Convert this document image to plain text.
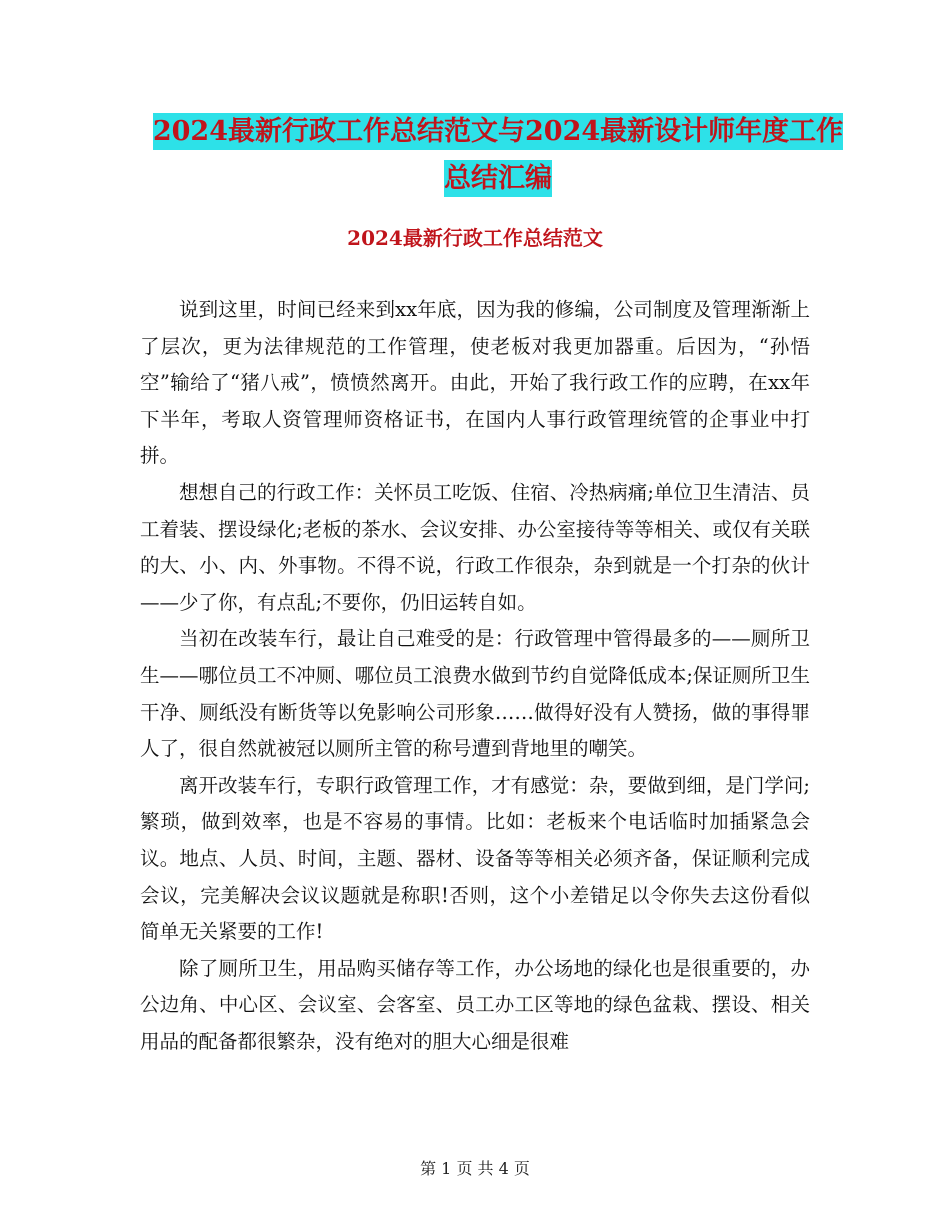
2024最新行政工作总结范文与2024最新设计师年度工作总结汇编
2024最新行政工作总结范文

说到这里，时间已经来到xx年底，因为我的修编，公司制度及管理渐渐上了层次，更为法律规范的工作管理，使老板对我更加器重。后因为，“孙悟空”输给了“猪八戒”，愤愤然离开。由此，开始了我行政工作的应聘，在xx年下半年，考取人资管理师资格证书，在国内人事行政管理统管的企事业中打拼。

想想自己的行政工作：关怀员工吃饭、住宿、冷热病痛;单位卫生清洁、员工着装、摆设绿化;老板的茶水、会议安排、办公室接待等等相关、或仅有关联的大、小、内、外事物。不得不说，行政工作很杂，杂到就是一个打杂的伙计——少了你，有点乱;不要你，仍旧运转自如。

当初在改装车行，最让自己难受的是：行政管理中管得最多的——厕所卫生——哪位员工不冲厕、哪位员工浪费水做到节约自觉降低成本;保证厕所卫生干净、厕纸没有断货等以免影响公司形象……做得好没有人赞扬，做的事得罪人了，很自然就被冠以厕所主管的称号遭到背地里的嘲笑。

离开改装车行，专职行政管理工作，才有感觉：杂，要做到细，是门学问;繁琐，做到效率，也是不容易的事情。比如：老板来个电话临时加插紧急会议。地点、人员、时间，主题、器材、设备等等相关必须齐备，保证顺利完成会议，完美解决会议议题就是称职!否则，这个小差错足以令你失去这份看似简单无关紧要的工作!

除了厕所卫生，用品购买储存等工作，办公场地的绿化也是很重要的，办公边角、中心区、会议室、会客室、员工办工区等地的绿色盆栽、摆设、相关用品的配备都很繁杂，没有绝对的胆大心细是很难

第 1 页 共 4 页
